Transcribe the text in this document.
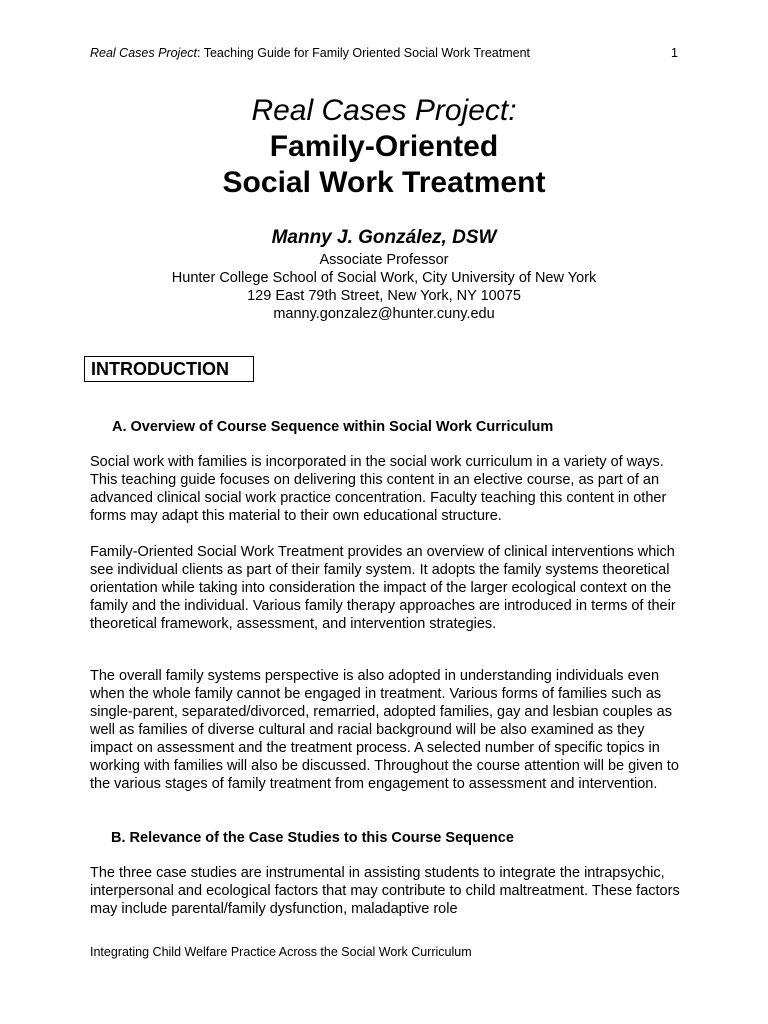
Real Cases Project: Teaching Guide for Family Oriented Social Work Treatment	1
Real Cases Project:
Family-Oriented
Social Work Treatment
Manny J. González, DSW
Associate Professor
Hunter College School of Social Work, City University of New York
129 East 79th Street, New York, NY 10075
manny.gonzalez@hunter.cuny.edu
INTRODUCTION
A. Overview of Course Sequence within Social Work Curriculum
Social work with families is incorporated in the social work curriculum in a variety of ways. This teaching guide focuses on delivering this content in an elective course, as part of an advanced clinical social work practice concentration. Faculty teaching this content in other forms may adapt this material to their own educational structure.
Family-Oriented Social Work Treatment provides an overview of clinical interventions which see individual clients as part of their family system. It adopts the family systems theoretical orientation while taking into consideration the impact of the larger ecological context on the family and the individual. Various family therapy approaches are introduced in terms of their theoretical framework, assessment, and intervention strategies.
The overall family systems perspective is also adopted in understanding individuals even when the whole family cannot be engaged in treatment. Various forms of families such as single-parent, separated/divorced, remarried, adopted families, gay and lesbian couples as well as families of diverse cultural and racial background will be also examined as they impact on assessment and the treatment process. A selected number of specific topics in working with families will also be discussed. Throughout the course attention will be given to the various stages of family treatment from engagement to assessment and intervention.
B. Relevance of the Case Studies to this Course Sequence
The three case studies are instrumental in assisting students to integrate the intrapsychic, interpersonal and ecological factors that may contribute to child maltreatment. These factors may include parental/family dysfunction, maladaptive role
Integrating Child Welfare Practice Across the Social Work Curriculum
